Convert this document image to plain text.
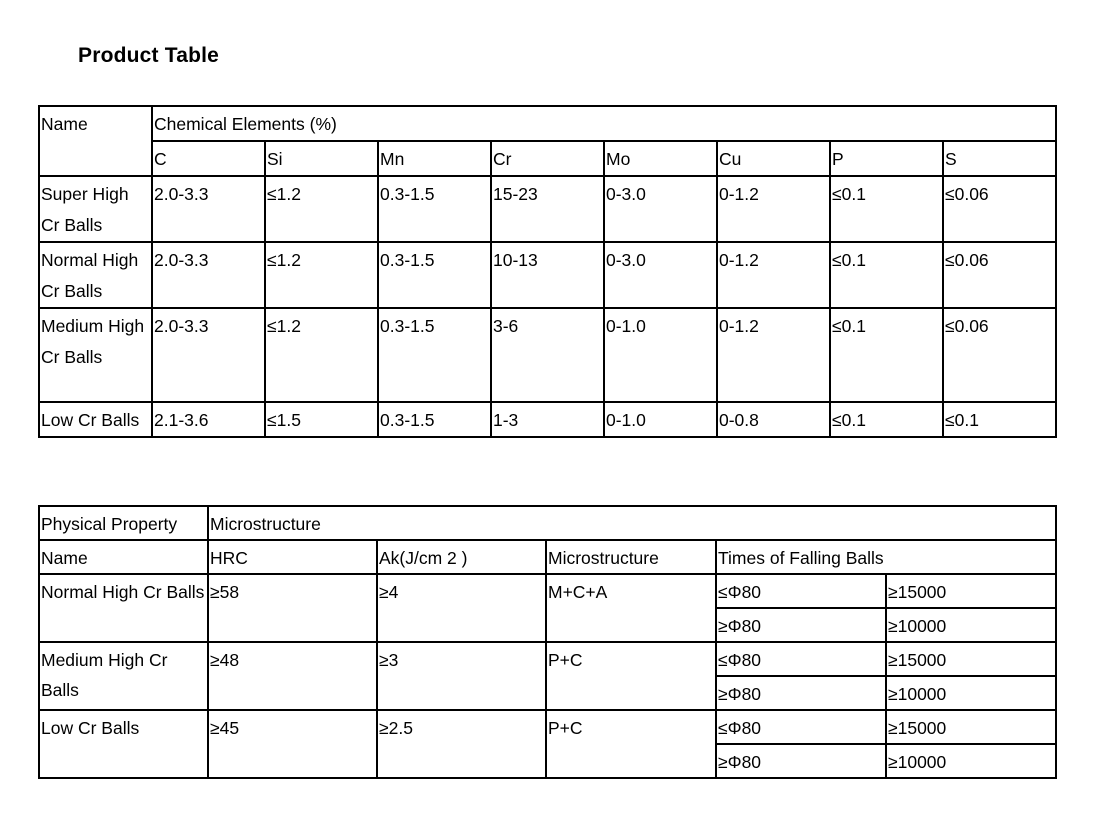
Product Table
Name	Chemical Elements (%)							
	C	Si	Mn	Cr	Mo	Cu	P	S
Super High Cr Balls	2.0-3.3	≤1.2	0.3-1.5	15-23	0-3.0	0-1.2	≤0.1	≤0.06
Normal High Cr Balls	2.0-3.3	≤1.2	0.3-1.5	10-13	0-3.0	0-1.2	≤0.1	≤0.06
Medium High Cr Balls	2.0-3.3	≤1.2	0.3-1.5	3-6	0-1.0	0-1.2	≤0.1	≤0.06
Low Cr Balls	2.1-3.6	≤1.5	0.3-1.5	1-3	0-1.0	0-0.8	≤0.1	≤0.1
Physical Property	Microstructure				
Name	HRC	Ak(J/cm 2 )	Microstructure	Times of Falling Balls	
Normal High Cr Balls	≥58	≥4	M+C+A	≤Φ80	≥15000
				≥Φ80	≥10000
Medium High Cr Balls	≥48	≥3	P+C	≤Φ80	≥15000
				≥Φ80	≥10000
Low Cr Balls	≥45	≥2.5	P+C	≤Φ80	≥15000
				≥Φ80	≥10000
